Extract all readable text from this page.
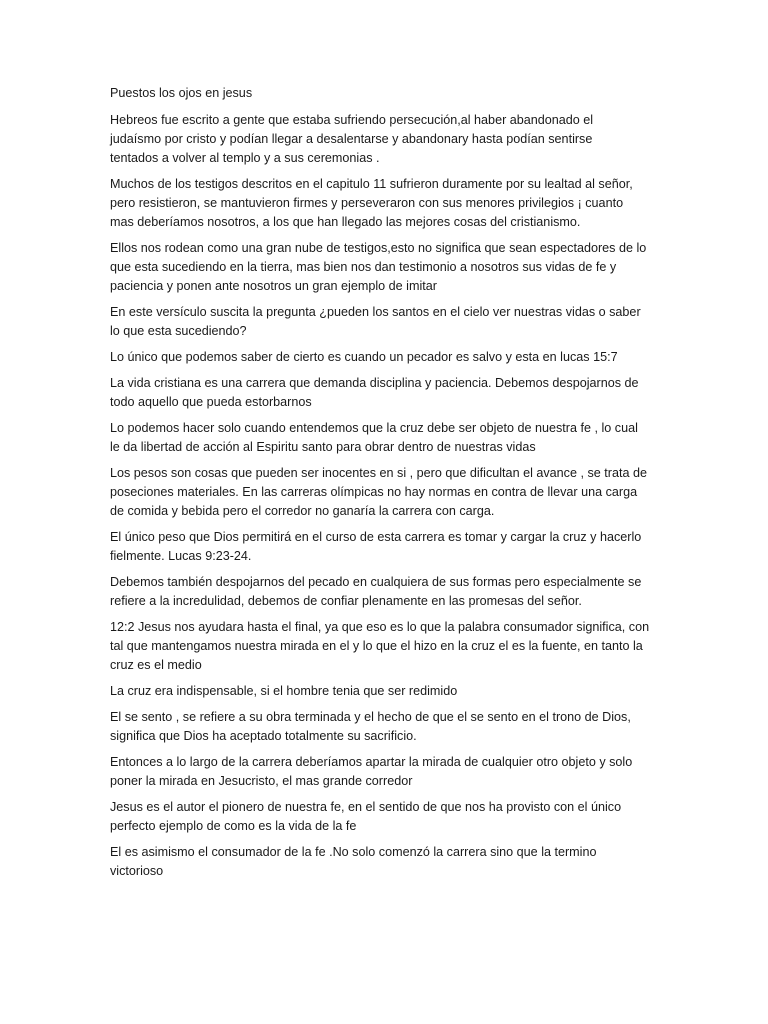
Puestos los ojos en jesus
Hebreos fue escrito a gente que estaba sufriendo persecución,al haber abandonado el
judaísmo por cristo y podían llegar a desalentarse y abandonary hasta podían sentirse
tentados a volver al templo y a sus ceremonias .
Muchos de los testigos descritos en el capitulo 11 sufrieron duramente por su lealtad al señor,
pero resistieron, se mantuvieron firmes y perseveraron con sus menores privilegios ¡ cuanto
mas deberíamos nosotros, a los que han llegado las mejores cosas del cristianismo.
Ellos nos rodean como una gran nube de testigos,esto no significa que sean espectadores de lo
que esta sucediendo en la tierra, mas bien nos dan testimonio a nosotros sus vidas de fe y
paciencia y ponen ante nosotros un gran ejemplo de imitar
En este versículo suscita la pregunta ¿pueden los santos en el cielo ver nuestras vidas o saber
lo que esta sucediendo?
Lo único que podemos saber de cierto es cuando un pecador es salvo y esta en lucas 15:7
La vida cristiana es una carrera que demanda disciplina y paciencia. Debemos despojarnos de
todo aquello que pueda estorbarnos
Lo podemos hacer solo cuando entendemos que la cruz debe ser objeto de nuestra fe , lo cual
le da libertad de acción al Espiritu santo para obrar dentro de nuestras vidas
Los pesos son cosas que pueden ser inocentes en si , pero que dificultan el avance , se trata de
poseciones materiales. En las carreras olímpicas no hay normas en contra de llevar una carga
de comida y bebida pero el corredor no ganaría la carrera con carga.
El único peso que Dios permitirá en el curso de esta carrera es tomar y cargar la cruz y hacerlo
fielmente. Lucas 9:23-24.
Debemos también despojarnos del pecado en cualquiera de sus formas pero especialmente se
refiere a la incredulidad, debemos de confiar plenamente en las promesas del señor.
12:2 Jesus nos ayudara hasta el final, ya que eso es lo que la palabra consumador significa, con
tal que mantengamos nuestra mirada en el y lo que el hizo en la cruz el es la fuente, en tanto la
cruz es el medio
La cruz era indispensable, si el hombre tenia que ser redimido
El se sento , se refiere a su obra terminada y el hecho de que el se sento en el trono de Dios,
significa que Dios ha aceptado totalmente su sacrificio.
Entonces a lo largo de la carrera deberíamos apartar la mirada de cualquier otro objeto y solo
poner la mirada en Jesucristo, el mas grande corredor
Jesus es el autor el pionero de nuestra fe, en el sentido de que nos ha provisto con el único
perfecto ejemplo de como es la vida de la fe
El es asimismo el consumador de la fe .No solo comenzó la carrera sino que la termino
victorioso
